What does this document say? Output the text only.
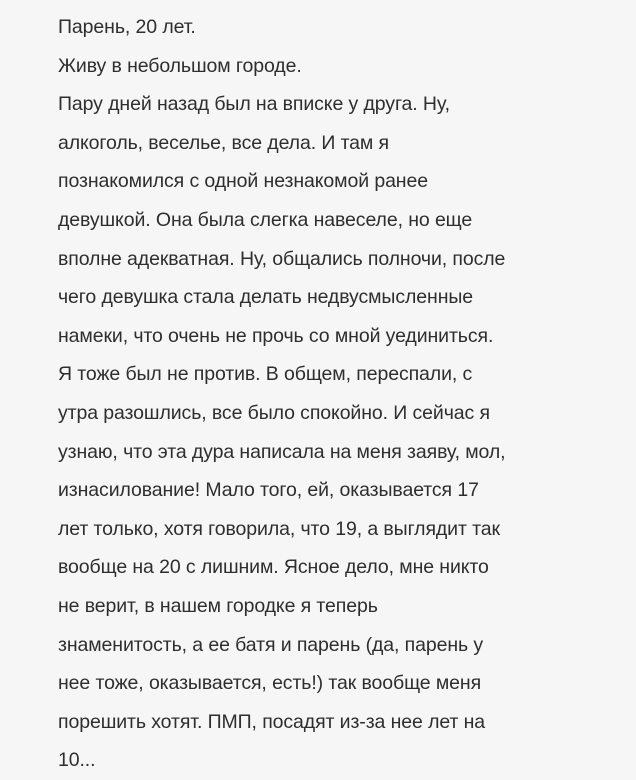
Парень, 20 лет.
Живу в небольшом городе.
Пару дней назад был на вписке у друга. Ну,
алкоголь, веселье, все дела. И там я
познакомился с одной незнакомой ранее
девушкой. Она была слегка навеселе, но еще
вполне адекватная. Ну, общались полночи, после
чего девушка стала делать недвусмысленные
намеки, что очень не прочь со мной уединиться.
Я тоже был не против. В общем, переспали, с
утра разошлись, все было спокойно. И сейчас я
узнаю, что эта дура написала на меня заяву, мол,
изнасилование! Мало того, ей, оказывается 17
лет только, хотя говорила, что 19, а выглядит так
вообще на 20 с лишним. Ясное дело, мне никто
не верит, в нашем городке я теперь
знаменитость, а ее батя и парень (да, парень у
нее тоже, оказывается, есть!) так вообще меня
порешить хотят. ПМП, посадят из-за нее лет на
10...
